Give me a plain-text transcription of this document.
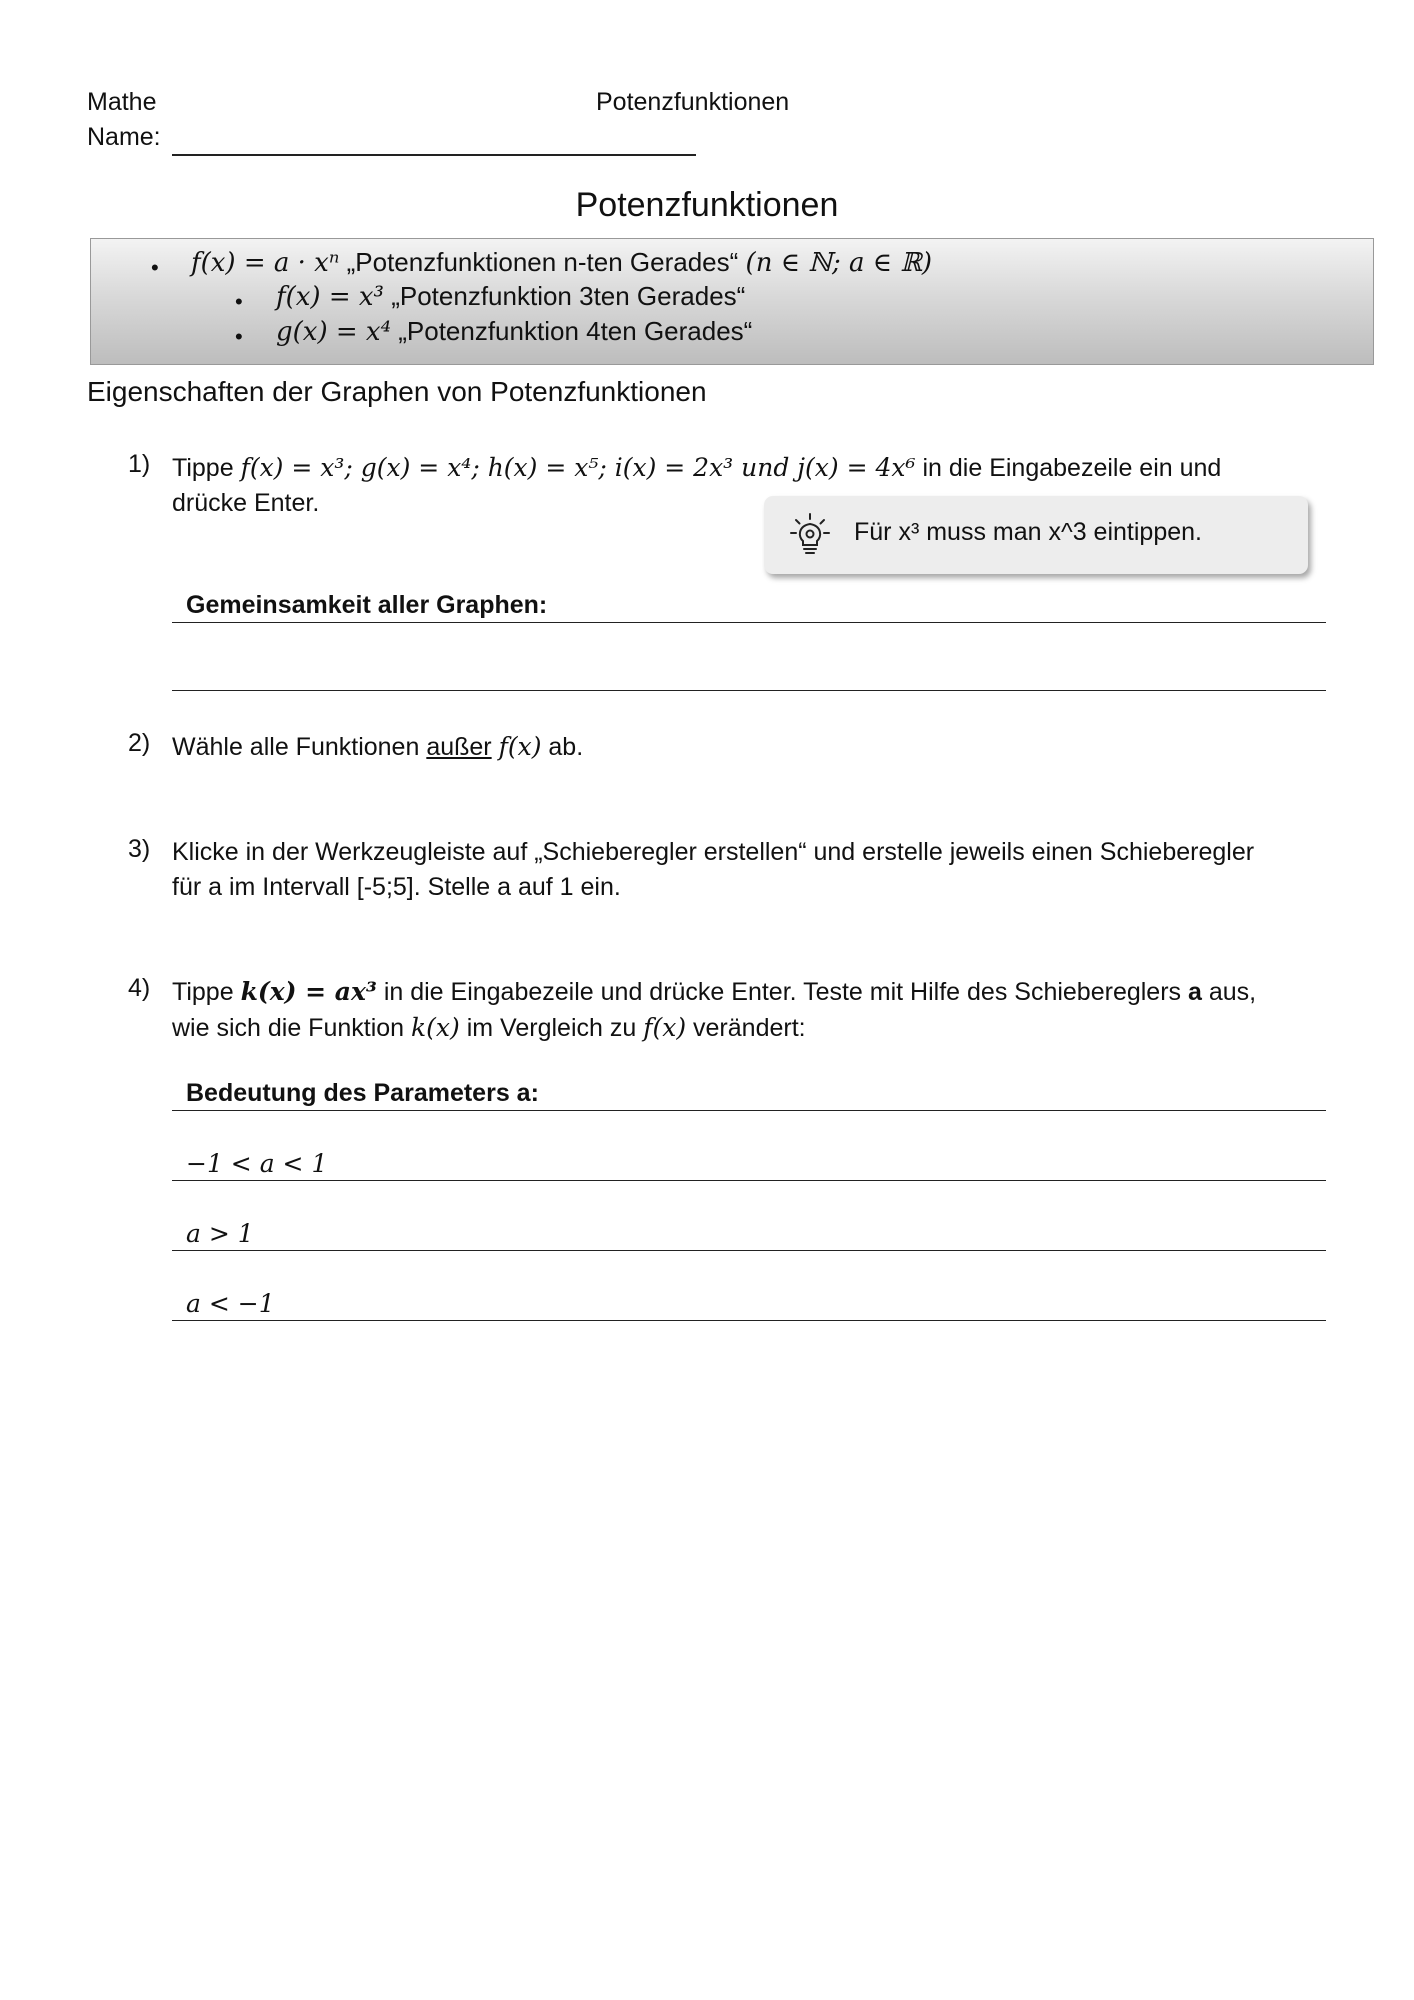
Mathe
Name:
Potenzfunktionen
Potenzfunktionen
• f(x) = a · xⁿ „Potenzfunktionen n-ten Gerades“ (n ∈ ℕ; a ∈ ℝ)
• f(x) = x³ „Potenzfunktion 3ten Gerades“
• g(x) = x⁴ „Potenzfunktion 4ten Gerades“
Eigenschaften der Graphen von Potenzfunktionen
1) Tippe f(x) = x³; g(x) = x⁴; h(x) = x⁵; i(x) = 2x³ und j(x) = 4x⁶ in die Eingabezeile ein und
drücke Enter.
Für x³ muss man x^3 eintippen.
Gemeinsamkeit aller Graphen:
2) Wähle alle Funktionen außer f(x) ab.
3) Klicke in der Werkzeugleiste auf „Schieberegler erstellen“ und erstelle jeweils einen Schieberegler
für a im Intervall [-5;5]. Stelle a auf 1 ein.
4) Tippe k(x) = ax³ in die Eingabezeile und drücke Enter. Teste mit Hilfe des Schiebereglers a aus,
wie sich die Funktion k(x) im Vergleich zu f(x) verändert:
Bedeutung des Parameters a:
−1 < a < 1
a > 1
a < −1
